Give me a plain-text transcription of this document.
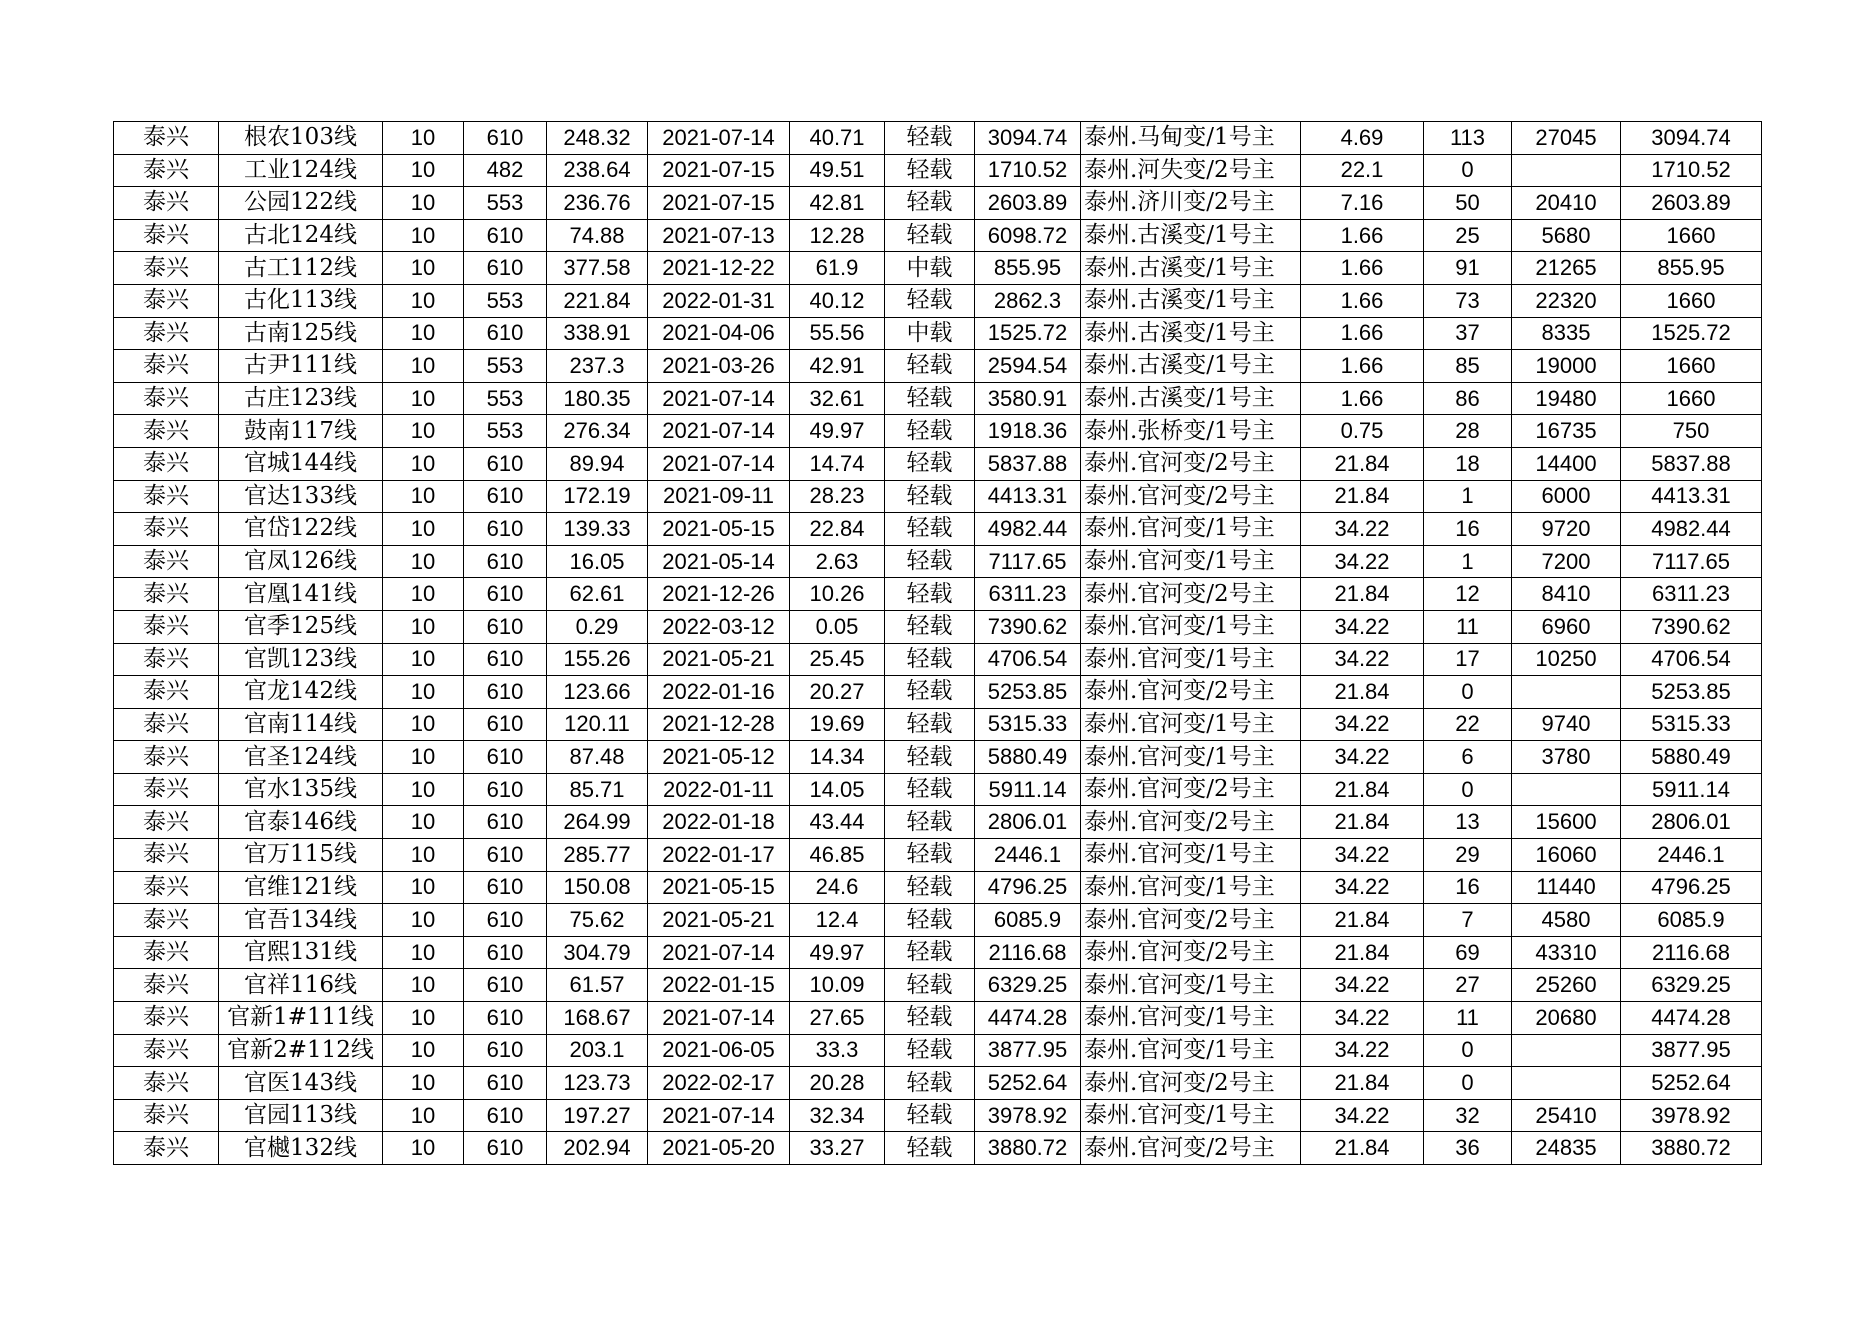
泰兴	根农103线	10	610	248.32	2021-07-14	40.71	轻载	3094.74	泰州.马甸变/1号主	4.69	113	27045	3094.74
泰兴	工业124线	10	482	238.64	2021-07-15	49.51	轻载	1710.52	泰州.河失变/2号主	22.1	0		1710.52
泰兴	公园122线	10	553	236.76	2021-07-15	42.81	轻载	2603.89	泰州.济川变/2号主	7.16	50	20410	2603.89
泰兴	古北124线	10	610	74.88	2021-07-13	12.28	轻载	6098.72	泰州.古溪变/1号主	1.66	25	5680	1660
泰兴	古工112线	10	610	377.58	2021-12-22	61.9	中载	855.95	泰州.古溪变/1号主	1.66	91	21265	855.95
泰兴	古化113线	10	553	221.84	2022-01-31	40.12	轻载	2862.3	泰州.古溪变/1号主	1.66	73	22320	1660
泰兴	古南125线	10	610	338.91	2021-04-06	55.56	中载	1525.72	泰州.古溪变/1号主	1.66	37	8335	1525.72
泰兴	古尹111线	10	553	237.3	2021-03-26	42.91	轻载	2594.54	泰州.古溪变/1号主	1.66	85	19000	1660
泰兴	古庄123线	10	553	180.35	2021-07-14	32.61	轻载	3580.91	泰州.古溪变/1号主	1.66	86	19480	1660
泰兴	鼓南117线	10	553	276.34	2021-07-14	49.97	轻载	1918.36	泰州.张桥变/1号主	0.75	28	16735	750
泰兴	官城144线	10	610	89.94	2021-07-14	14.74	轻载	5837.88	泰州.官河变/2号主	21.84	18	14400	5837.88
泰兴	官达133线	10	610	172.19	2021-09-11	28.23	轻载	4413.31	泰州.官河变/2号主	21.84	1	6000	4413.31
泰兴	官岱122线	10	610	139.33	2021-05-15	22.84	轻载	4982.44	泰州.官河变/1号主	34.22	16	9720	4982.44
泰兴	官凤126线	10	610	16.05	2021-05-14	2.63	轻载	7117.65	泰州.官河变/1号主	34.22	1	7200	7117.65
泰兴	官凰141线	10	610	62.61	2021-12-26	10.26	轻载	6311.23	泰州.官河变/2号主	21.84	12	8410	6311.23
泰兴	官季125线	10	610	0.29	2022-03-12	0.05	轻载	7390.62	泰州.官河变/1号主	34.22	11	6960	7390.62
泰兴	官凯123线	10	610	155.26	2021-05-21	25.45	轻载	4706.54	泰州.官河变/1号主	34.22	17	10250	4706.54
泰兴	官龙142线	10	610	123.66	2022-01-16	20.27	轻载	5253.85	泰州.官河变/2号主	21.84	0		5253.85
泰兴	官南114线	10	610	120.11	2021-12-28	19.69	轻载	5315.33	泰州.官河变/1号主	34.22	22	9740	5315.33
泰兴	官圣124线	10	610	87.48	2021-05-12	14.34	轻载	5880.49	泰州.官河变/1号主	34.22	6	3780	5880.49
泰兴	官水135线	10	610	85.71	2022-01-11	14.05	轻载	5911.14	泰州.官河变/2号主	21.84	0		5911.14
泰兴	官泰146线	10	610	264.99	2022-01-18	43.44	轻载	2806.01	泰州.官河变/2号主	21.84	13	15600	2806.01
泰兴	官万115线	10	610	285.77	2022-01-17	46.85	轻载	2446.1	泰州.官河变/1号主	34.22	29	16060	2446.1
泰兴	官维121线	10	610	150.08	2021-05-15	24.6	轻载	4796.25	泰州.官河变/1号主	34.22	16	11440	4796.25
泰兴	官吾134线	10	610	75.62	2021-05-21	12.4	轻载	6085.9	泰州.官河变/2号主	21.84	7	4580	6085.9
泰兴	官熙131线	10	610	304.79	2021-07-14	49.97	轻载	2116.68	泰州.官河变/2号主	21.84	69	43310	2116.68
泰兴	官祥116线	10	610	61.57	2022-01-15	10.09	轻载	6329.25	泰州.官河变/1号主	34.22	27	25260	6329.25
泰兴	官新1#111线	10	610	168.67	2021-07-14	27.65	轻载	4474.28	泰州.官河变/1号主	34.22	11	20680	4474.28
泰兴	官新2#112线	10	610	203.1	2021-06-05	33.3	轻载	3877.95	泰州.官河变/1号主	34.22	0		3877.95
泰兴	官医143线	10	610	123.73	2022-02-17	20.28	轻载	5252.64	泰州.官河变/2号主	21.84	0		5252.64
泰兴	官园113线	10	610	197.27	2021-07-14	32.34	轻载	3978.92	泰州.官河变/1号主	34.22	32	25410	3978.92
泰兴	官樾132线	10	610	202.94	2021-05-20	33.27	轻载	3880.72	泰州.官河变/2号主	21.84	36	24835	3880.72
